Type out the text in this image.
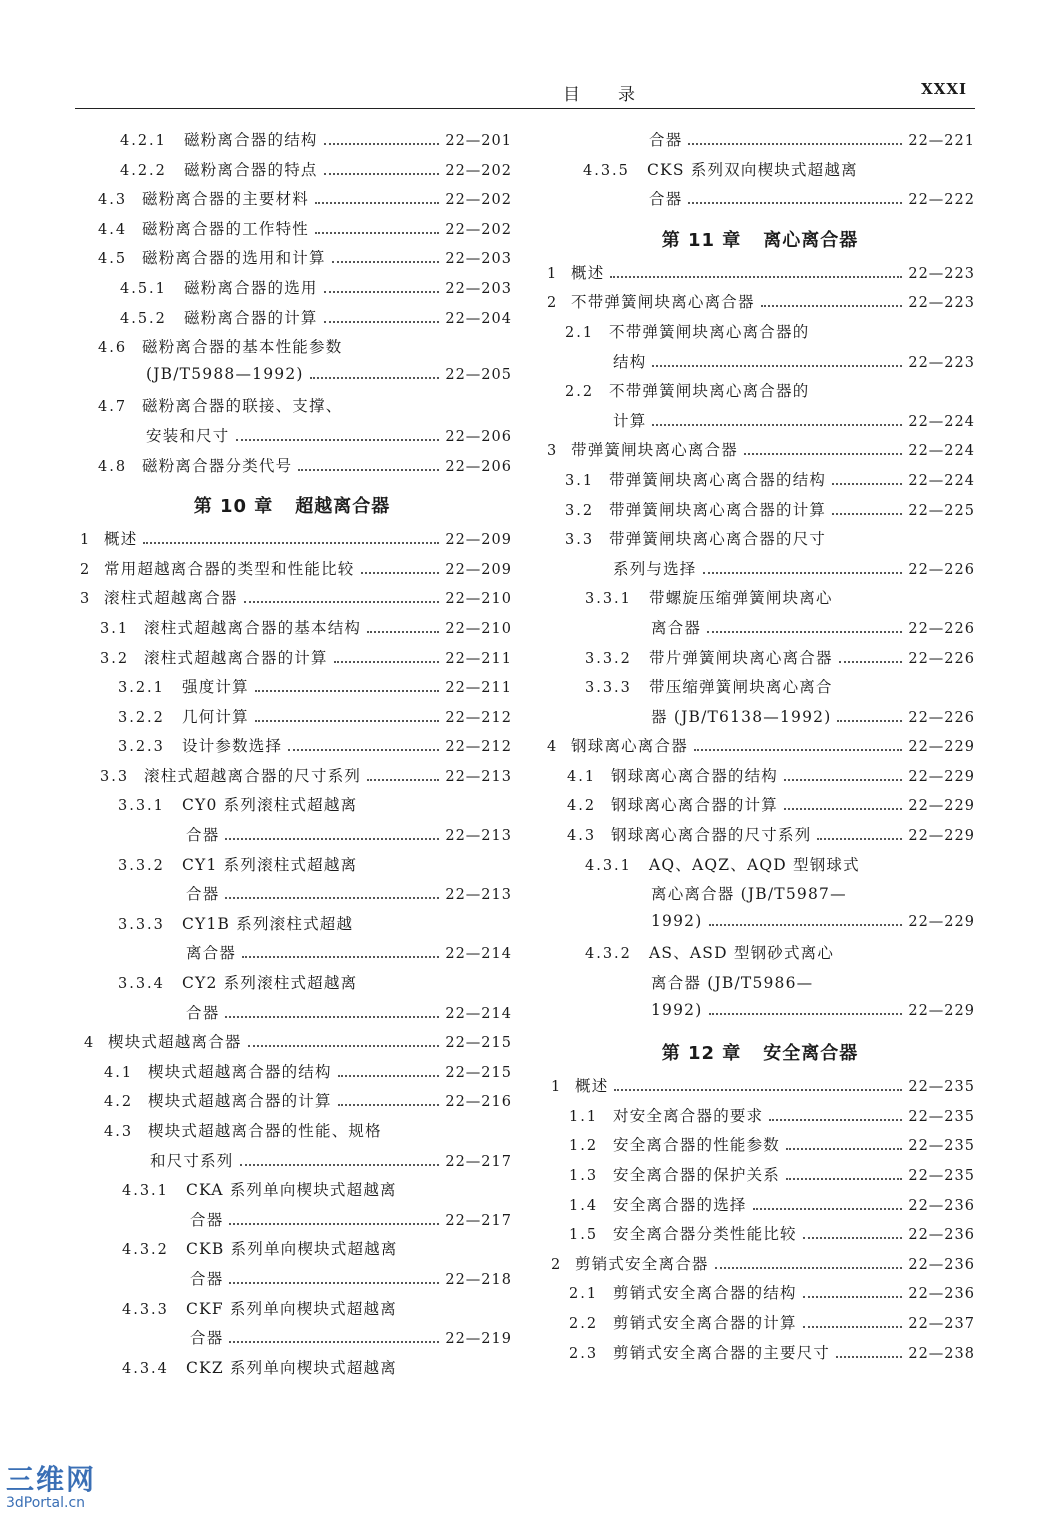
目 录	XXXI
4.2.1	磁粉离合器的结构	22—201
4.2.2	磁粉离合器的特点	22—202
4.3 磁粉离合器的主要材料	22—202
4.4 磁粉离合器的工作特性	22—202
4.5 磁粉离合器的选用和计算	22—203
4.5.1	磁粉离合器的选用	22—203
4.5.2	磁粉离合器的计算	22—204
4.6 磁粉离合器的基本性能参数
(JB/T5988—1992)	22—205
4.7 磁粉离合器的联接、支撑、
安装和尺寸	22—206
4.8 磁粉离合器分类代号	22—206
第 10 章 超越离合器
1 概述	22—209
2 常用超越离合器的类型和性能比较	22—209
3 滚柱式超越离合器	22—210
3.1 滚柱式超越离合器的基本结构	22—210
3.2 滚柱式超越离合器的计算	22—211
3.2.1	强度计算	22—211
3.2.2	几何计算	22—212
3.2.3	设计参数选择	22—212
3.3 滚柱式超越离合器的尺寸系列	22—213
3.3.1	CY0 系列滚柱式超越离
合器	22—213
3.3.2	CY1 系列滚柱式超越离
合器	22—213
3.3.3	CY1B 系列滚柱式超越
离合器	22—214
3.3.4	CY2 系列滚柱式超越离
合器	22—214
4 楔块式超越离合器	22—215
4.1 楔块式超越离合器的结构	22—215
4.2 楔块式超越离合器的计算	22—216
4.3 楔块式超越离合器的性能、规格
和尺寸系列	22—217
4.3.1	CKA 系列单向楔块式超越离
合器	22—217
4.3.2	CKB 系列单向楔块式超越离
合器	22—218
4.3.3	CKF 系列单向楔块式超越离
合器	22—219
4.3.4	CKZ 系列单向楔块式超越离
合器	22—221
4.3.5	CKS 系列双向楔块式超越离
合器	22—222
第 11 章 离心离合器
1 概述	22—223
2 不带弹簧闸块离心离合器	22—223
2.1 不带弹簧闸块离心离合器的
结构	22—223
2.2 不带弹簧闸块离心离合器的
计算	22—224
3 带弹簧闸块离心离合器	22—224
3.1 带弹簧闸块离心离合器的结构	22—224
3.2 带弹簧闸块离心离合器的计算	22—225
3.3 带弹簧闸块离心离合器的尺寸
系列与选择	22—226
3.3.1	带螺旋压缩弹簧闸块离心
离合器	22—226
3.3.2	带片弹簧闸块离心离合器	22—226
3.3.3	带压缩弹簧闸块离心离合
器 (JB/T6138—1992)	22—226
4 钢球离心离合器	22—229
4.1 钢球离心离合器的结构	22—229
4.2 钢球离心离合器的计算	22—229
4.3 钢球离心离合器的尺寸系列	22—229
4.3.1	AQ、AQZ、AQD 型钢球式
离心离合器 (JB/T5987—
1992)	22—229
4.3.2	AS、ASD 型钢砂式离心
离合器 (JB/T5986—
1992)	22—229
第 12 章 安全离合器
1 概述	22—235
1.1 对安全离合器的要求	22—235
1.2 安全离合器的性能参数	22—235
1.3 安全离合器的保护关系	22—235
1.4 安全离合器的选择	22—236
1.5 安全离合器分类性能比较	22—236
2 剪销式安全离合器	22—236
2.1 剪销式安全离合器的结构	22—236
2.2 剪销式安全离合器的计算	22—237
2.3 剪销式安全离合器的主要尺寸	22—238
三维网
3dPortal.cn
